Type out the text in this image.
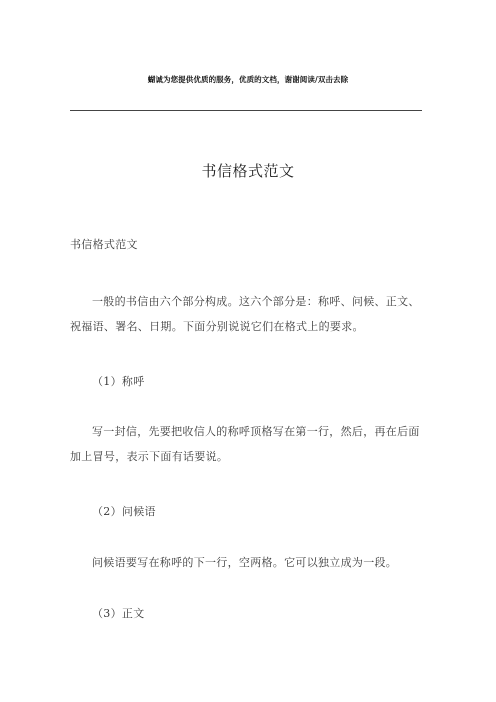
蝴诚为您提供优质的服务，优质的文档，谢谢阅读/双击去除
书信格式范文
书信格式范文
一般的书信由六个部分构成。这六个部分是：称呼、问候、正文、祝福语、署名、日期。下面分别说说它们在格式上的要求。
（1）称呼
写一封信，先要把收信人的称呼顶格写在第一行，然后，再在后面加上冒号，表示下面有话要说。
（2）问候语
问候语要写在称呼的下一行，空两格。它可以独立成为一段。
（3）正文
